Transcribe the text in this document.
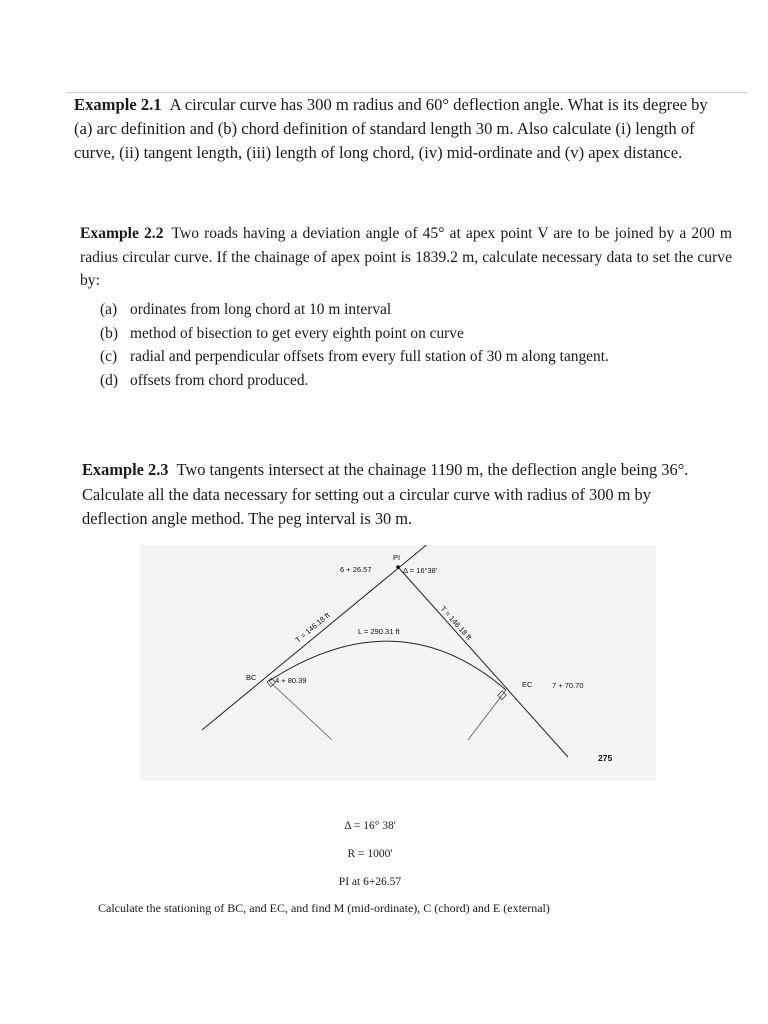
Example 2.1 A circular curve has 300 m radius and 60° deflection angle. What is its degree by (a) arc definition and (b) chord definition of standard length 30 m. Also calculate (i) length of curve, (ii) tangent length, (iii) length of long chord, (iv) mid-ordinate and (v) apex distance.

Example 2.2 Two roads having a deviation angle of 45° at apex point V are to be joined by a 200 m radius circular curve. If the chainage of apex point is 1839.2 m, calculate necessary data to set the curve by:

(a) ordinates from long chord at 10 m interval
(b) method of bisection to get every eighth point on curve
(c) radial and perpendicular offsets from every full station of 30 m along tangent.
(d) offsets from chord produced.

Example 2.3 Two tangents intersect at the chainage 1190 m, the deflection angle being 36°. Calculate all the data necessary for setting out a circular curve with radius of 300 m by deflection angle method. The peg interval is 30 m.

PI
6 + 26.57	Δ = 16°38'
T = 146.18 ft	T = 146.18 ft
L = 290.31 ft
BC 4 + 80.39	EC	7 + 70.70
275
Δ = 16° 38'
R = 1000'
PI at 6+26.57

Calculate the stationing of BC, and EC, and find M (mid-ordinate), C (chord) and E (external)
